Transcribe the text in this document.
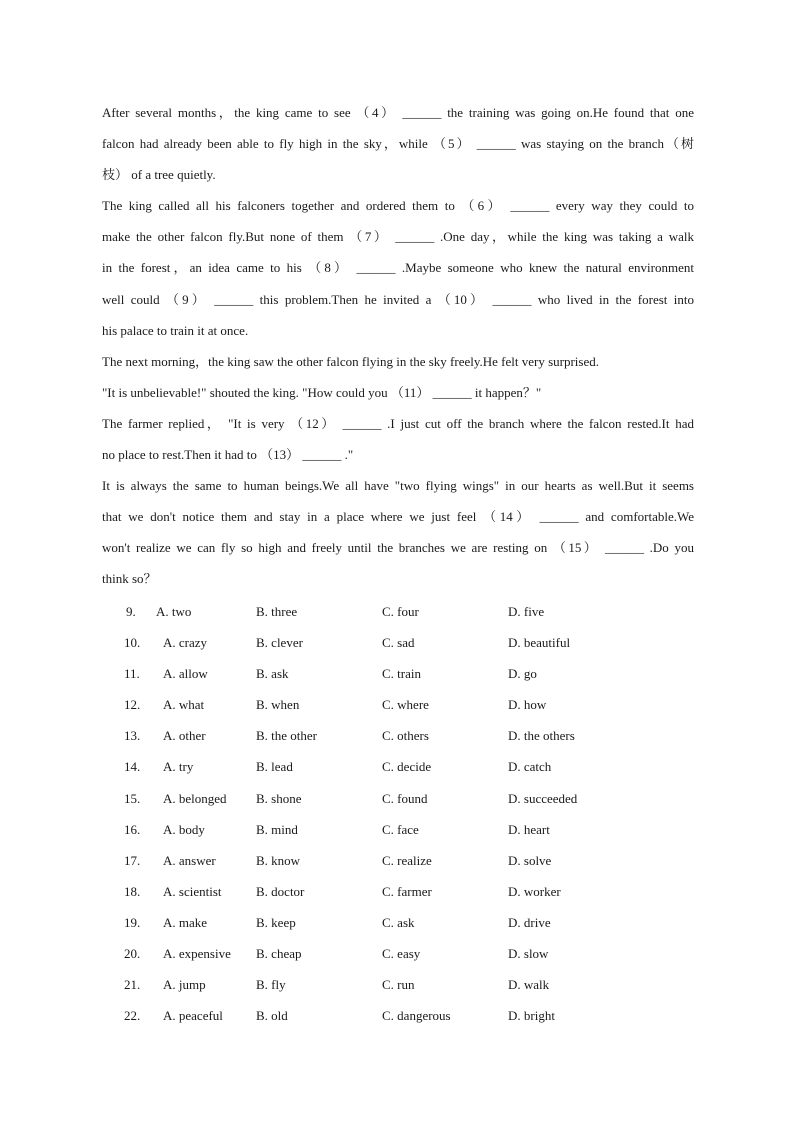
After several months，the king came to see （4） ______ the training was going on.He found that one
falcon had already been able to fly high in the sky，while （5） ______ was staying on the branch（树
枝） of a tree quietly.
The king called all his falconers together and ordered them to （6） ______ every way they could to
make the other falcon fly.But none of them （7） ______ .One day，while the king was taking a walk
in the forest，an idea came to his （8） ______ .Maybe someone who knew the natural environment
well could （9） ______ this problem.Then he invited a （10） ______ who lived in the forest into
his palace to train it at once.
The next morning，the king saw the other falcon flying in the sky freely.He felt very surprised.
"It is unbelievable!" shouted the king. "How could you （11） ______ it happen？"
The farmer replied， "It is very （12） ______ .I just cut off the branch where the falcon rested.It had
no place to rest.Then it had to （13） ______ ."
It is always the same to human beings.We all have "two flying wings" in our hearts as well.But it seems
that we don't notice them and stay in a place where we just feel （14） ______ and comfortable.We
won't realize we can fly so high and freely until the branches we are resting on （15） ______ .Do you
think so？
9. A. two	B. three	C. four	D. five
10. A. crazy	B. clever	C. sad	D. beautiful
11. A. allow	B. ask	C. train	D. go
12. A. what	B. when	C. where	D. how
13. A. other	B. the other	C. others	D. the others
14. A. try	B. lead	C. decide	D. catch
15. A. belonged B. shone	C. found	D. succeeded
16. A. body	B. mind	C. face	D. heart
17. A. answer	B. know	C. realize	D. solve
18. A. scientist	B. doctor	C. farmer	D. worker
19. A. make	B. keep	C. ask	D. drive
20. A. expensive B. cheap	C. easy	D. slow
21. A. jump	B. fly	C. run	D. walk
22. A. peaceful	B. old	C. dangerous	D. bright
